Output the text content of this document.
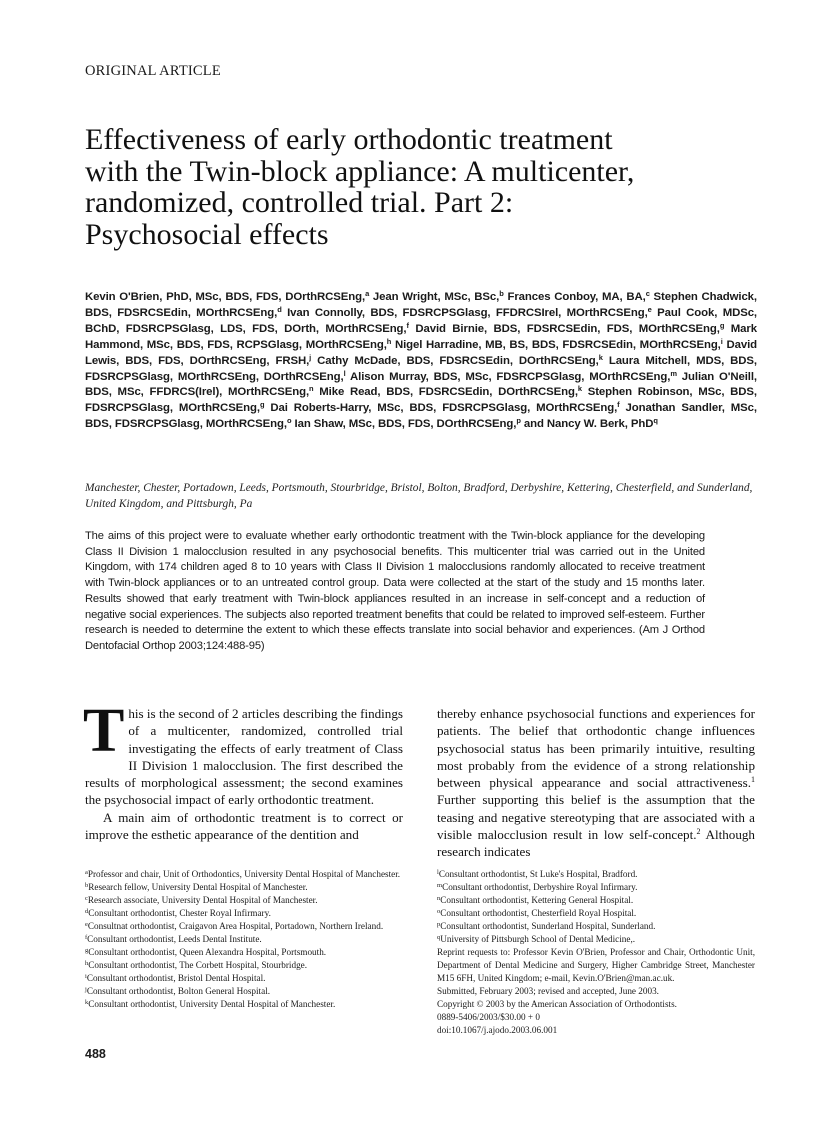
ORIGINAL ARTICLE
Effectiveness of early orthodontic treatment
with the Twin-block appliance: A multicenter,
randomized, controlled trial. Part 2:
Psychosocial effects
Kevin O'Brien, PhD, MSc, BDS, FDS, DOrthRCSEng,$^a$ Jean Wright, MSc, BSc,$^b$ Frances Conboy, MA, BA,$^c$ Stephen Chadwick, BDS, FDSRCSEdin, MOrthRCSEng,$^d$ Ivan Connolly, BDS, FDSRCPSGlasg, FFDRCSIrel, MOrthRCSEng,$^e$ Paul Cook, MDSc, BChD, FDSRCPSGlasg, LDS, FDS, DOrth, MOrthRCSEng,$^f$ David Birnie, BDS, FDSRCSEdin, FDS, MOrthRCSEng,$^g$ Mark Hammond, MSc, BDS, FDS, RCPSGlasg, MOrthRCSEng,$^h$ Nigel Harradine, MB, BS, BDS, FDSRCSEdin, MOrthRCSEng,$^i$ David Lewis, BDS, FDS, DOrthRCSEng, FRSH,$^j$ Cathy McDade, BDS, FDSRCSEdin, DOrthRCSEng,$^k$ Laura Mitchell, MDS, BDS, FDSRCPSGlasg, MOrthRCSEng, DOrthRCSEng,$^l$ Alison Murray, BDS, MSc, FDSRCPSGlasg, MOrthRCSEng,$^m$ Julian O'Neill, BDS, MSc, FFDRCS(Irel), MOrthRCSEng,$^n$ Mike Read, BDS, FDSRCSEdin, DOrthRCSEng,$^k$ Stephen Robinson, MSc, BDS, FDSRCPSGlasg, MOrthRCSEng,$^g$ Dai Roberts-Harry, MSc, BDS, FDSRCPSGlasg, MOrthRCSEng,$^f$ Jonathan Sandler, MSc, BDS, FDSRCPSGlasg, MOrthRCSEng,$^o$ Ian Shaw, MSc, BDS, FDS, DOrthRCSEng,$^p$ and Nancy W. Berk, PhD$^q$
Manchester, Chester, Portadown, Leeds, Portsmouth, Stourbridge, Bristol, Bolton, Bradford, Derbyshire, Kettering, Chesterfield, and Sunderland, United Kingdom, and Pittsburgh, Pa
The aims of this project were to evaluate whether early orthodontic treatment with the Twin-block appliance for the developing Class II Division 1 malocclusion resulted in any psychosocial benefits. This multicenter trial was carried out in the United Kingdom, with 174 children aged 8 to 10 years with Class II Division 1 malocclusions randomly allocated to receive treatment with Twin-block appliances or to an untreated control group. Data were collected at the start of the study and 15 months later. Results showed that early treatment with Twin-block appliances resulted in an increase in self-concept and a reduction of negative social experiences. The subjects also reported treatment benefits that could be related to improved self-esteem. Further research is needed to determine the extent to which these effects translate into social behavior and experiences. (Am J Orthod Dentofacial Orthop 2003;124:488-95)

This is the second of 2 articles describing the findings of a multicenter, randomized, controlled trial investigating the effects of early treatment of Class II Division 1 malocclusion. The first described the results of morphological assessment; the second examines the psychosocial impact of early orthodontic treatment.

A main aim of orthodontic treatment is to correct or improve the esthetic appearance of the dentition and

thereby enhance psychosocial functions and experiences for patients. The belief that orthodontic change influences psychosocial status has been primarily intuitive, resulting most probably from the evidence of a strong relationship between physical appearance and social attractiveness.$^1$ Further supporting this belief is the assumption that the teasing and negative stereotyping that are associated with a visible malocclusion result in low self-concept.$^2$ Although research indicates

$^a$Professor and chair, Unit of Orthodontics, University Dental Hospital of Manchester.
$^b$Research fellow, University Dental Hospital of Manchester.
$^c$Research associate, University Dental Hospital of Manchester.
$^d$Consultant orthodontist, Chester Royal Infirmary.
$^e$Consultnat orthodontist, Craigavon Area Hospital, Portadown, Northern Ireland.
$^f$Consultant orthodontist, Leeds Dental Institute.
$^g$Consultant orthodontist, Queen Alexandra Hospital, Portsmouth.
$^h$Consultant orthodontist, The Corbett Hospital, Stourbridge.
$^i$Consultant orthodontist, Bristol Dental Hospital.
$^j$Consultant orthodontist, Bolton General Hospital.
$^k$Consultant orthodontist, University Dental Hospital of Manchester.
$^l$Consultant orthodontist, St Luke's Hospital, Bradford.
$^m$Consultant orthodontist, Derbyshire Royal Infirmary.
$^n$Consultant orthodontist, Kettering General Hospital.
$^o$Consultant orthodontist, Chesterfield Royal Hospital.
$^p$Consultant orthodontist, Sunderland Hospital, Sunderland.
$^q$University of Pittsburgh School of Dental Medicine,.
Reprint requests to: Professor Kevin O'Brien, Professor and Chair, Orthodontic Unit, Department of Dental Medicine and Surgery, Higher Cambridge Street, Manchester M15 6FH, United Kingdom; e-mail, Kevin.O'Brien@man.ac.uk.
Submitted, February 2003; revised and accepted, June 2003.
Copyright © 2003 by the American Association of Orthodontists.
0889-5406/2003/$30.00 + 0
doi:10.1067/j.ajodo.2003.06.001
488
